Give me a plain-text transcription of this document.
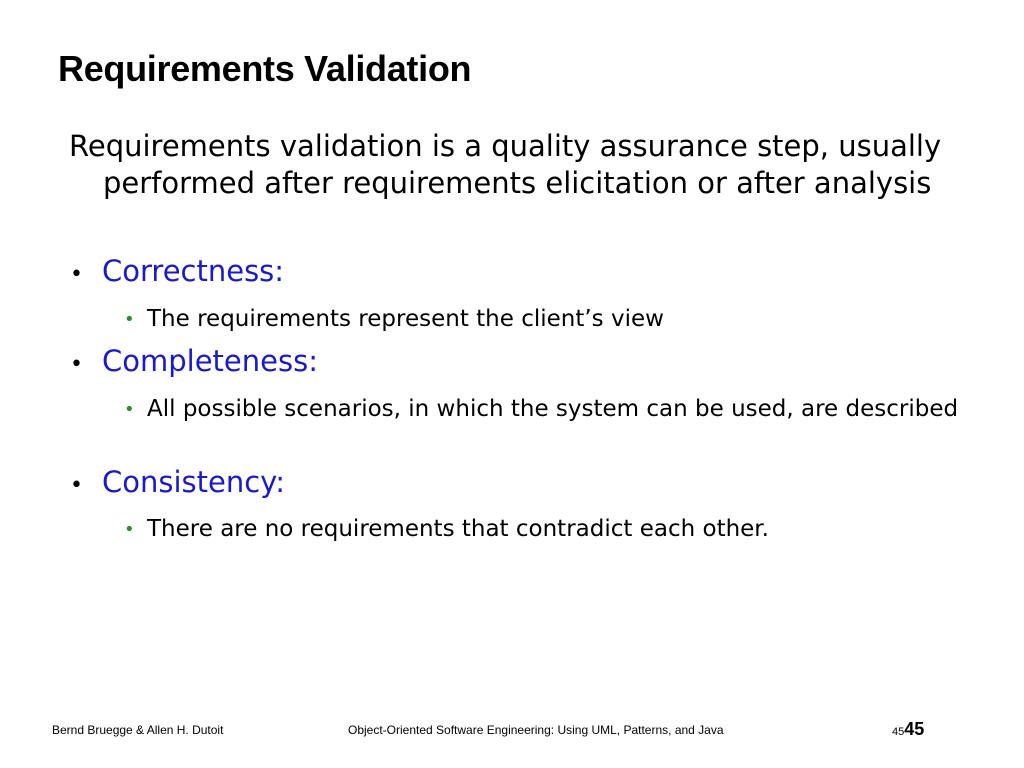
Requirements Validation

Requirements validation is a quality assurance step, usually performed after requirements elicitation or after analysis

• Correctness:
• The requirements represent the client’s view
• Completeness:
• All possible scenarios, in which the system can be used, are described
• Consistency:
• There are no requirements that contradict each other.
Bernd Bruegge & Allen H. Dutoit	Object-Oriented Software Engineering: Using UML, Patterns, and Java	4545
